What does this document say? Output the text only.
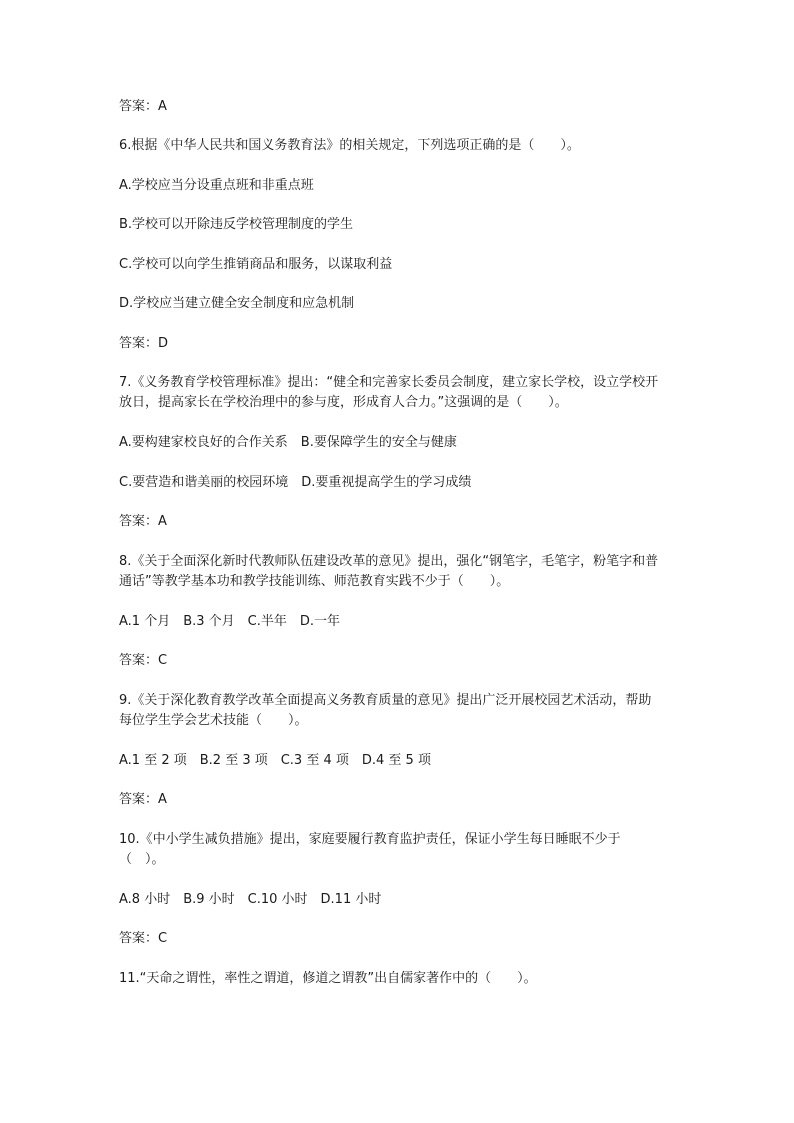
答案：A
6.根据《中华人民共和国义务教育法》的相关规定，下列选项正确的是（　　）。
A.学校应当分设重点班和非重点班
B.学校可以开除违反学校管理制度的学生
C.学校可以向学生推销商品和服务，以谋取利益
D.学校应当建立健全安全制度和应急机制
答案：D
7.《义务教育学校管理标准》提出：“健全和完善家长委员会制度，建立家长学校，设立学校开放日，提高家长在学校治理中的参与度，形成育人合力。”这强调的是（　　）。
A.要构建家校良好的合作关系　B.要保障学生的安全与健康
C.要营造和谐美丽的校园环境　D.要重视提高学生的学习成绩
答案：A
8.《关于全面深化新时代教师队伍建设改革的意见》提出，强化“钢笔字，毛笔字，粉笔字和普通话”等教学基本功和教学技能训练、师范教育实践不少于（　　）。
A.1 个月　B.3 个月　C.半年　D.一年
答案：C
9.《关于深化教育教学改革全面提高义务教育质量的意见》提出广泛开展校园艺术活动，帮助每位学生学会艺术技能（　　）。
A.1 至 2 项　B.2 至 3 项　C.3 至 4 项　D.4 至 5 项
答案：A
10.《中小学生减负措施》提出，家庭要履行教育监护责任，保证小学生每日睡眠不少于（　）。
A.8 小时　B.9 小时　C.10 小时　D.11 小时
答案：C
11.“天命之谓性，率性之谓道，修道之谓教”出自儒家著作中的（　　）。
